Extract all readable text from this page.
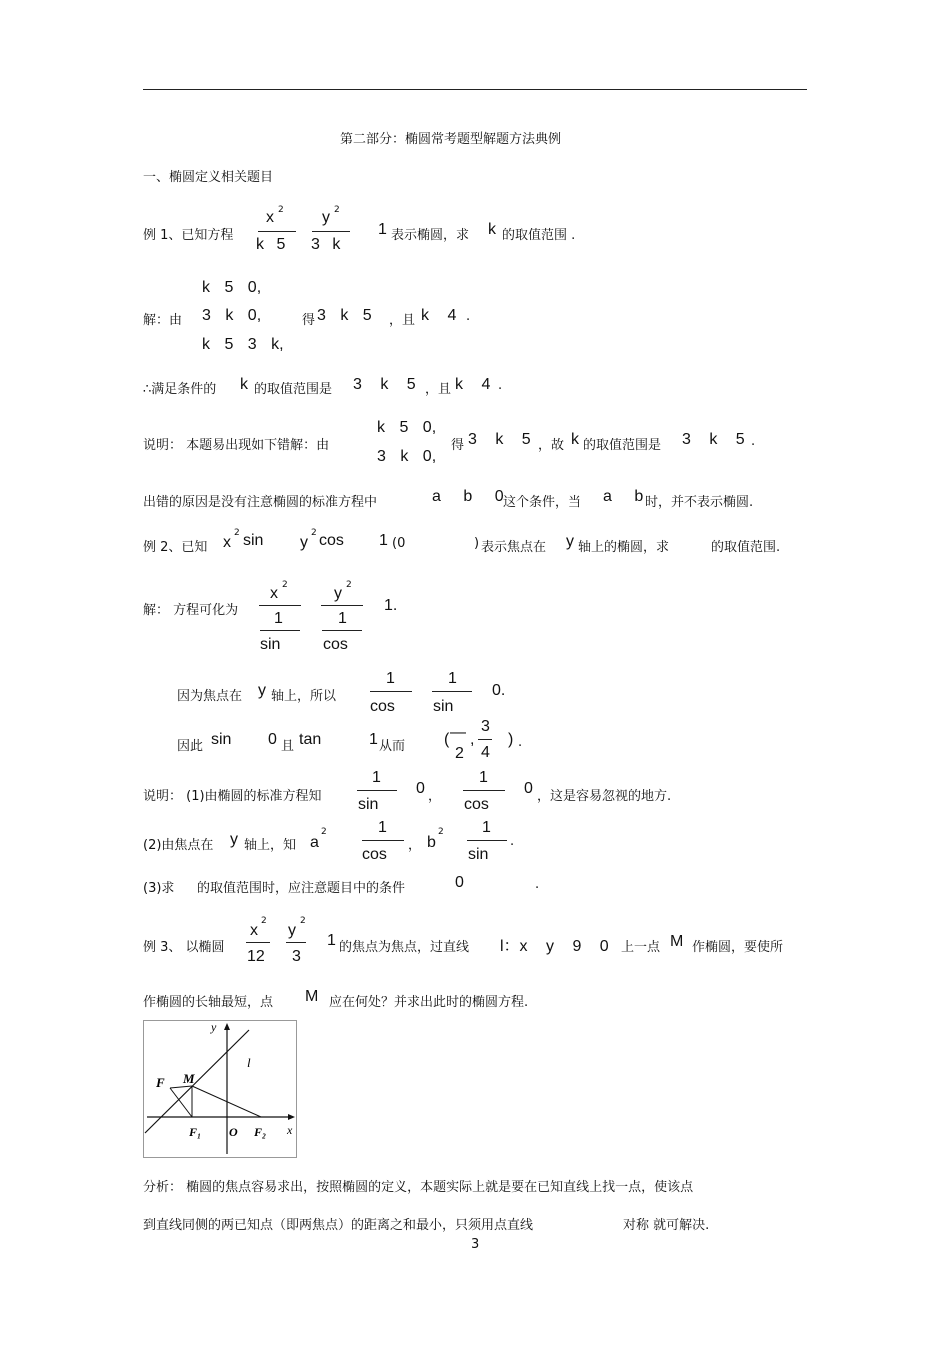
第二部分：椭圆常考题型解题方法典例
一、椭圆定义相关题目
例 1、已知方程
x 2
k 5
y 2
3 k
1 表示椭圆，求 k 的取值范围 .
k 5 0,
解：由 3 k 0,	得 3 k 5 ，且 k 4 .
k 5 3 k,
∴满足条件的 k 的取值范围是 3 k 5 ，且 k 4 .
说明： 本题易出现如下错解：由
k 5 0,
3 k 0,
得 3 k 5 ，故 k 的取值范围是 3 k 5 .
出错的原因是没有注意椭圆的标准方程中	a b 0 这个条件，当 a b 时，并不表示椭圆.
例 2、已知 x
2 sin y
2 cos 1 (0	) 表示焦点在 y 轴上的椭圆，求	的取值范围.
解： 方程可化为
x 2
1
sin
y 2
1
cos
1.
因为焦点在 y 轴上，所以
1
cos
1
sin
0.
因此 sin 0 且 tan	1 从而 ( —
2
,
3
4
) .
说明： (1)由椭圆的标准方程知
1
sin
0 ，
1
cos
0 ，这是容易忽视的地方.
(2)由焦点在 y 轴上，知 a
2	1
cos
， b
2 1
sin
.
(3)求 的取值范围时，应注意题目中的条件	0	.
例 3、 以椭圆
x
2
12
y
2
3
1 的焦点为焦点，过直线 l：x y 9 0 上一点 M 作椭圆，要使所
作椭圆的长轴最短，点 M 应在何处？并求出此时的椭圆方程.
y
x
l
F M
F₁ O F₂
分析： 椭圆的焦点容易求出，按照椭圆的定义，本题实际上就是要在已知直线上找一点，使该点
到直线同侧的两已知点（即两焦点）的距离之和最小，只须用点直线	对称 就可解决.
3
